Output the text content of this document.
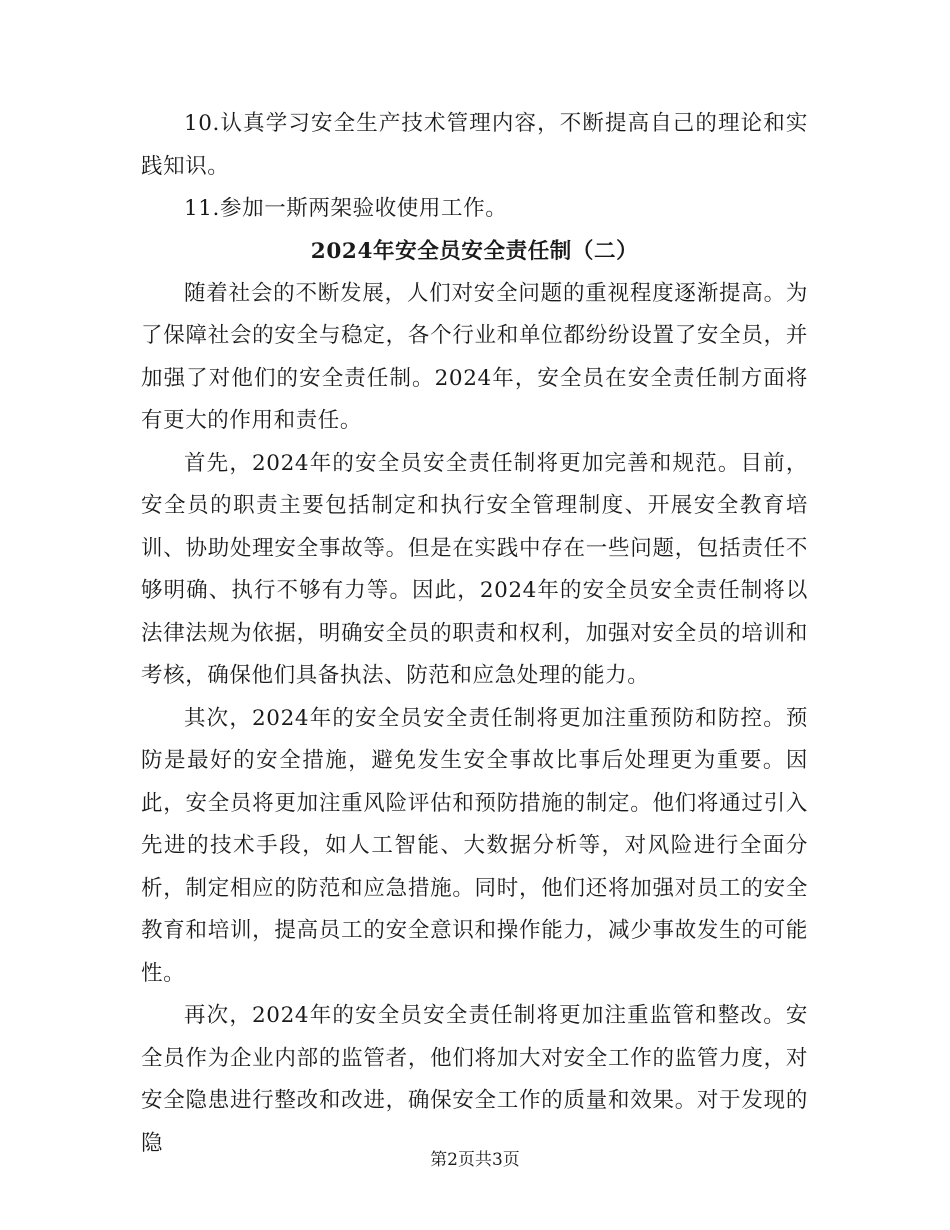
10.认真学习安全生产技术管理内容，不断提高自己的理论和实践知识。

11.参加一斯两架验收使用工作。

2024年安全员安全责任制（二）

随着社会的不断发展，人们对安全问题的重视程度逐渐提高。为了保障社会的安全与稳定，各个行业和单位都纷纷设置了安全员，并加强了对他们的安全责任制。2024年，安全员在安全责任制方面将有更大的作用和责任。

首先，2024年的安全员安全责任制将更加完善和规范。目前，安全员的职责主要包括制定和执行安全管理制度、开展安全教育培训、协助处理安全事故等。但是在实践中存在一些问题，包括责任不够明确、执行不够有力等。因此，2024年的安全员安全责任制将以法律法规为依据，明确安全员的职责和权利，加强对安全员的培训和考核，确保他们具备执法、防范和应急处理的能力。

其次，2024年的安全员安全责任制将更加注重预防和防控。预防是最好的安全措施，避免发生安全事故比事后处理更为重要。因此，安全员将更加注重风险评估和预防措施的制定。他们将通过引入先进的技术手段，如人工智能、大数据分析等，对风险进行全面分析，制定相应的防范和应急措施。同时，他们还将加强对员工的安全教育和培训，提高员工的安全意识和操作能力，减少事故发生的可能性。

再次，2024年的安全员安全责任制将更加注重监管和整改。安全员作为企业内部的监管者，他们将加大对安全工作的监管力度，对安全隐患进行整改和改进，确保安全工作的质量和效果。对于发现的隐

第2页共3页
